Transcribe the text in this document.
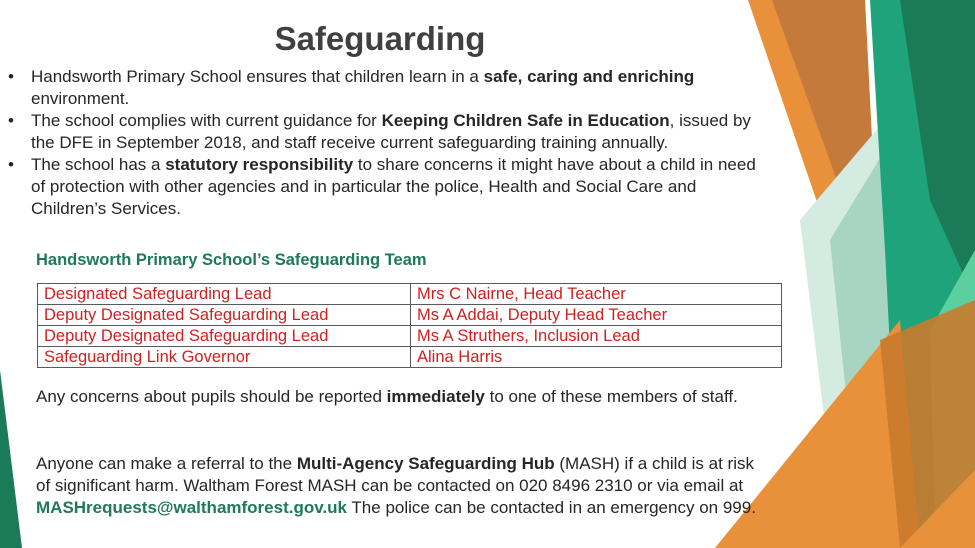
Safeguarding
• Handsworth Primary School ensures that children learn in a safe, caring and enriching environment.
• The school complies with current guidance for Keeping Children Safe in Education, issued by the DFE in September 2018, and staff receive current safeguarding training annually.
• The school has a statutory responsibility to share concerns it might have about a child in need of protection with other agencies and in particular the police, Health and Social Care and Children’s Services.
Handsworth Primary School’s Safeguarding Team
Designated Safeguarding Lead	Mrs C Nairne, Head Teacher
Deputy Designated Safeguarding Lead	Ms A Addai, Deputy Head Teacher
Deputy Designated Safeguarding Lead	Ms A Struthers, Inclusion Lead
Safeguarding Link Governor	Alina Harris

Any concerns about pupils should be reported immediately to one of these members of staff.

Anyone can make a referral to the Multi-Agency Safeguarding Hub (MASH) if a child is at risk of significant harm. Waltham Forest MASH can be contacted on 020 8496 2310 or via email at MASHrequests@walthamforest.gov.uk The police can be contacted in an emergency on 999.
